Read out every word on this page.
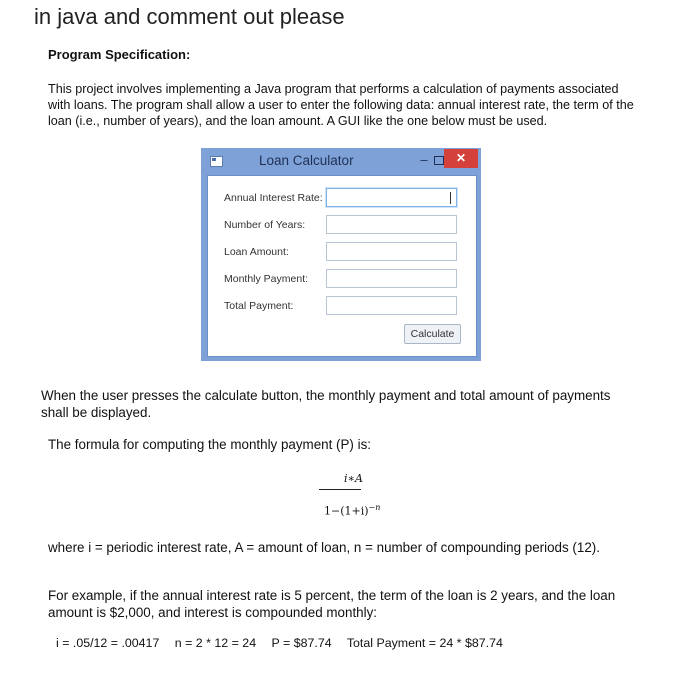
in java and comment out please
Program Specification:
This project involves implementing a Java program that performs a calculation of payments associated with loans. The program shall allow a user to enter the following data: annual interest rate, the term of the loan (i.e., number of years), and the loan amount. A GUI like the one below must be used.
Loan Calculator	–	✕
Annual Interest Rate:
Number of Years:
Loan Amount:
Monthly Payment:
Total Payment:
Calculate
When the user presses the calculate button, the monthly payment and total amount of payments shall be displayed.
The formula for computing the monthly payment (P) is:
i∗A
$1-(1+i)^{-n}$
where i = periodic interest rate, A = amount of loan, n = number of compounding periods (12).
For example, if the annual interest rate is 5 percent, the term of the loan is 2 years, and the loan amount is $2,000, and interest is compounded monthly:
i = .05/12 = .00417 n = 2 * 12 = 24 P = $87.74 Total Payment = 24 * $87.74
